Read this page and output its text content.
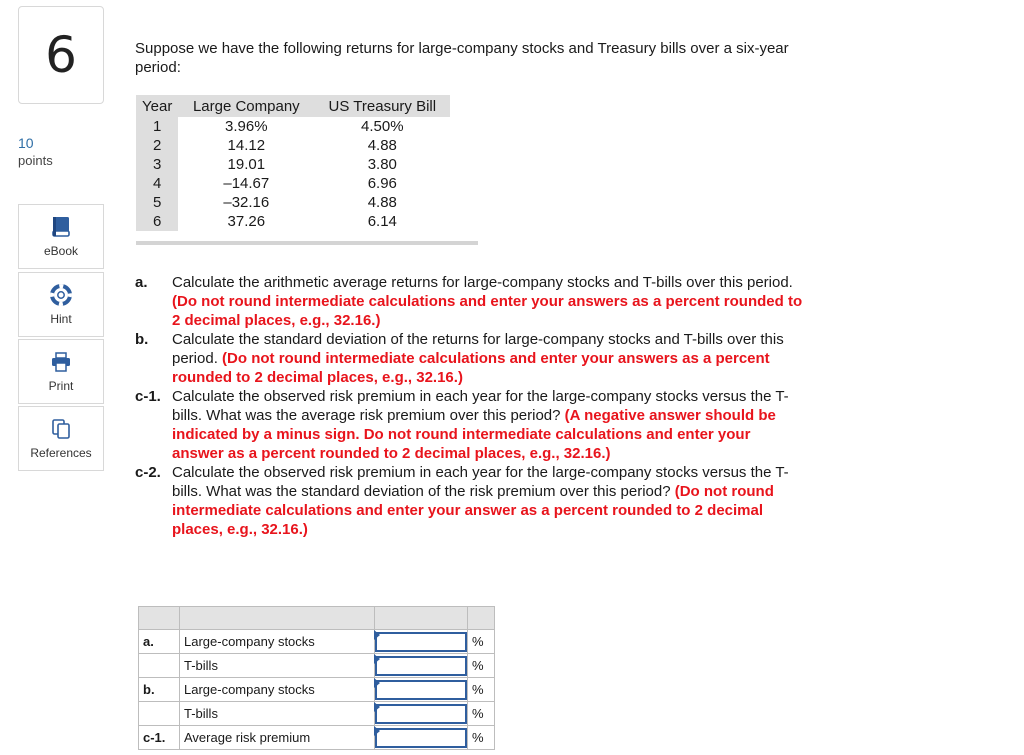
6
10
points
eBook
Hint
Print
References

Suppose we have the following returns for large-company stocks and Treasury bills over a six-year period:

Year	Large Company	US Treasury Bill
1	3.96%	4.50%
2	14.12	4.88
3	19.01	3.80
4	–14.67	6.96
5	–32.16	4.88
6	37.26	6.14
a.	Calculate the arithmetic average returns for large-company stocks and T-bills over this period. (Do not round intermediate calculations and enter your answers as a percent rounded to 2 decimal places, e.g., 32.16.)
b.	Calculate the standard deviation of the returns for large-company stocks and T-bills over this period. (Do not round intermediate calculations and enter your answers as a percent rounded to 2 decimal places, e.g., 32.16.)
c-1. Calculate the observed risk premium in each year for the large-company stocks versus the T-bills. What was the average risk premium over this period? (A negative answer should be indicated by a minus sign. Do not round intermediate calculations and enter your answer as a percent rounded to 2 decimal places, e.g., 32.16.)
c-2. Calculate the observed risk premium in each year for the large-company stocks versus the T-bills. What was the standard deviation of the risk premium over this period? (Do not round intermediate calculations and enter your answer as a percent rounded to 2 decimal places, e.g., 32.16.)

a.	Large-company stocks		%
	T-bills		%
b.	Large-company stocks		%
	T-bills		%
c-1.	Average risk premium		%
